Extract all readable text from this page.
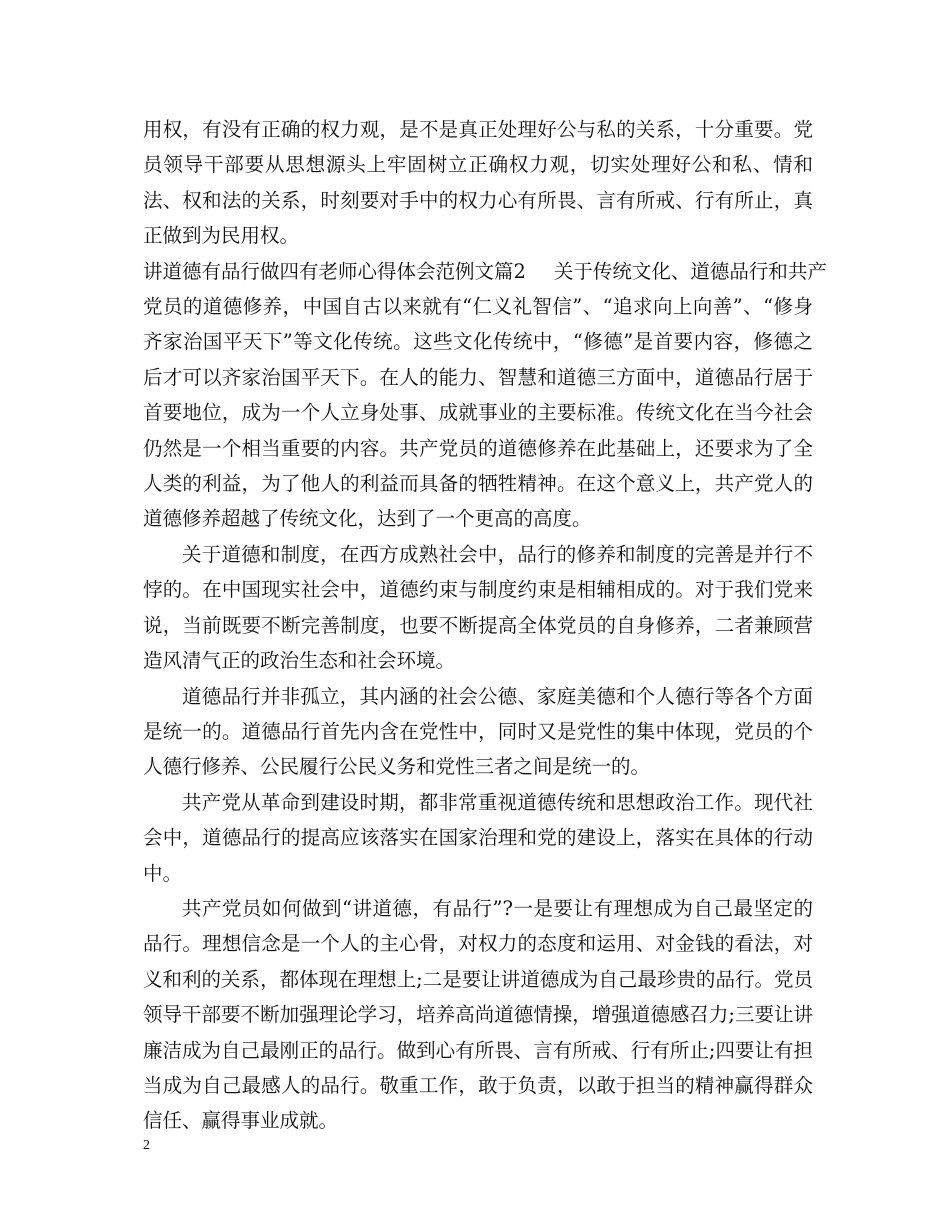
用权，有没有正确的权力观，是不是真正处理好公与私的关系，十分重要。党员领导干部要从思想源头上牢固树立正确权力观，切实处理好公和私、情和法、权和法的关系，时刻要对手中的权力心有所畏、言有所戒、行有所止，真正做到为民用权。

讲道德有品行做四有老师心得体会范例文篇2 关于传统文化、道德品行和共产

党员的道德修养，中国自古以来就有“仁义礼智信”、“追求向上向善”、“修身齐家治国平天下”等文化传统。这些文化传统中，“修德”是首要内容，修德之后才可以齐家治国平天下。在人的能力、智慧和道德三方面中，道德品行居于首要地位，成为一个人立身处事、成就事业的主要标准。传统文化在当今社会仍然是一个相当重要的内容。共产党员的道德修养在此基础上，还要求为了全人类的利益，为了他人的利益而具备的牺牲精神。在这个意义上，共产党人的道德修养超越了传统文化，达到了一个更高的高度。

关于道德和制度，在西方成熟社会中，品行的修养和制度的完善是并行不悖的。在中国现实社会中，道德约束与制度约束是相辅相成的。对于我们党来说，当前既要不断完善制度，也要不断提高全体党员的自身修养，二者兼顾营造风清气正的政治生态和社会环境。

道德品行并非孤立，其内涵的社会公德、家庭美德和个人德行等各个方面是统一的。道德品行首先内含在党性中，同时又是党性的集中体现，党员的个人德行修养、公民履行公民义务和党性三者之间是统一的。

共产党从革命到建设时期，都非常重视道德传统和思想政治工作。现代社会中，道德品行的提高应该落实在国家治理和党的建设上，落实在具体的行动中。

共产党员如何做到“讲道德，有品行”?一是要让有理想成为自己最坚定的品行。理想信念是一个人的主心骨，对权力的态度和运用、对金钱的看法，对义和利的关系，都体现在理想上;二是要让讲道德成为自己最珍贵的品行。党员领导干部要不断加强理论学习，培养高尚道德情操，增强道德感召力;三要让讲廉洁成为自己最刚正的品行。做到心有所畏、言有所戒、行有所止;四要让有担当成为自己最感人的品行。敬重工作，敢于负责，以敢于担当的精神赢得群众信任、赢得事业成就。

2
